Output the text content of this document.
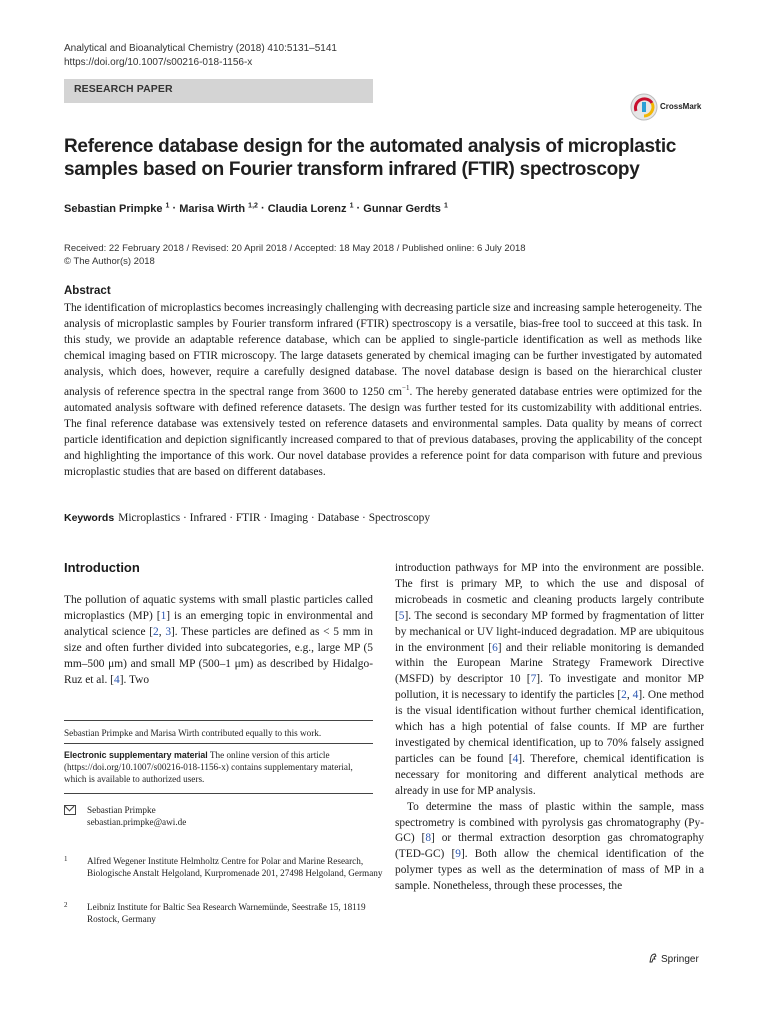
Analytical and Bioanalytical Chemistry (2018) 410:5131–5141
https://doi.org/10.1007/s00216-018-1156-x
RESEARCH PAPER
CrossMark
Reference database design for the automated analysis of microplastic samples based on Fourier transform infrared (FTIR) spectroscopy
Sebastian Primpke $^1$ · Marisa Wirth $^{1,2}$ · Claudia Lorenz $^1$ · Gunnar Gerdts $^1$
Received: 22 February 2018 / Revised: 20 April 2018 / Accepted: 18 May 2018 / Published online: 6 July 2018
© The Author(s) 2018
Abstract
The identification of microplastics becomes increasingly challenging with decreasing particle size and increasing sample heterogeneity. The analysis of microplastic samples by Fourier transform infrared (FTIR) spectroscopy is a versatile, bias-free tool to succeed at this task. In this study, we provide an adaptable reference database, which can be applied to single-particle identification as well as methods like chemical imaging based on FTIR microscopy. The large datasets generated by chemical imaging can be further investigated by automated analysis, which does, however, require a carefully designed database. The novel database design is based on the hierarchical cluster analysis of reference spectra in the spectral range from 3600 to 1250 $cm^{-1}$. The hereby generated database entries were optimized for the automated analysis software with defined reference datasets. The design was further tested for its customizability with additional entries. The final reference database was extensively tested on reference datasets and environmental samples. Data quality by means of correct particle identification and depiction significantly increased compared to that of previous databases, proving the applicability of the concept and highlighting the importance of this work. Our novel database provides a reference point for data comparison with future and previous microplastic studies that are based on different databases.
Keywords Microplastics · Infrared · FTIR · Imaging · Database · Spectroscopy
Introduction
The pollution of aquatic systems with small plastic particles called microplastics (MP) [1] is an emerging topic in environmental and analytical science [2, 3]. These particles are defined as < 5 mm in size and often further divided into subcategories, e.g., large MP (5 mm–500 μm) and small MP (500–1 μm) as described by Hidalgo-Ruz et al. [4]. Two
Sebastian Primpke and Marisa Wirth contributed equally to this work.
Electronic supplementary material The online version of this article (https://doi.org/10.1007/s00216-018-1156-x) contains supplementary material, which is available to authorized users.
Sebastian Primpke
sebastian.primpke@awi.de
1 Alfred Wegener Institute Helmholtz Centre for Polar and Marine Research, Biologische Anstalt Helgoland, Kurpromenade 201, 27498 Helgoland, Germany
2 Leibniz Institute for Baltic Sea Research Warnemünde, Seestraße 15, 18119 Rostock, Germany

introduction pathways for MP into the environment are possible. The first is primary MP, to which the use and disposal of microbeads in cosmetic and cleaning products largely contribute [5]. The second is secondary MP formed by fragmentation of litter by mechanical or UV light-induced degradation. MP are ubiquitous in the environment [6] and their reliable monitoring is demanded within the European Marine Strategy Framework Directive (MSFD) by descriptor 10 [7]. To investigate and monitor MP pollution, it is necessary to identify the particles [2, 4]. One method is the visual identification without further chemical identification, which has a high potential of false counts. If MP are further investigated by chemical identification, up to 70% falsely assigned particles can be found [4]. Therefore, chemical identification is necessary for monitoring and different analytical methods are already in use for MP analysis.

To determine the mass of plastic within the sample, mass spectrometry is combined with pyrolysis gas chromatography (Py-GC) [8] or thermal extraction desorption gas chromatography (TED-GC) [9]. Both allow the chemical identification of the polymer types as well as the determination of mass of MP in a sample. Nonetheless, through these processes, the

Springer
